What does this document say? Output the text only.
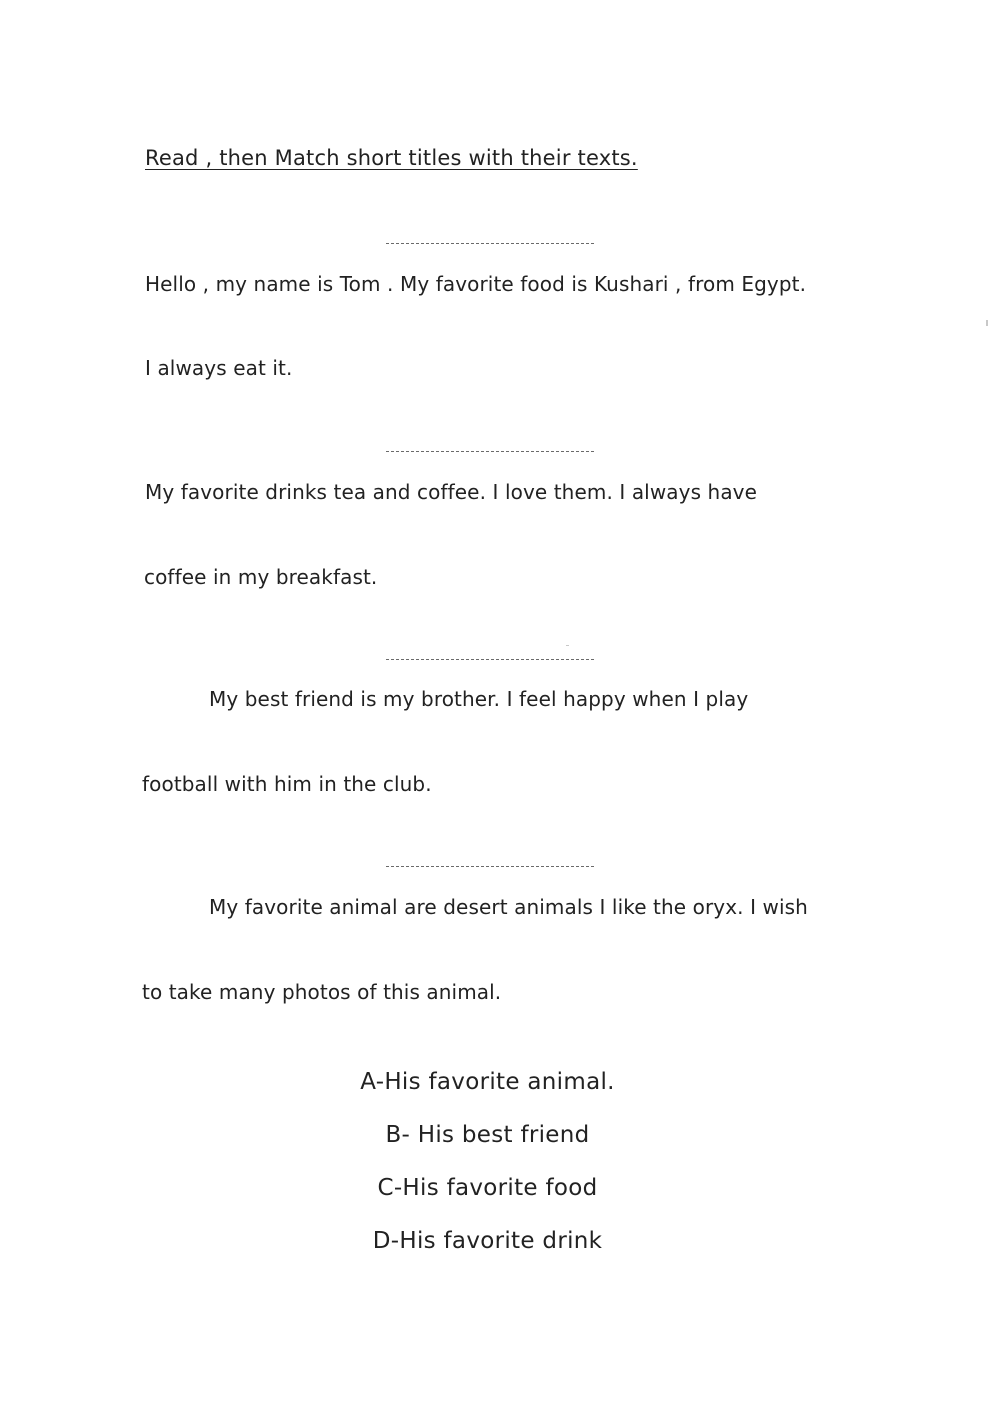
Read , then Match short titles with their texts.
Hello , my name is Tom . My favorite food is Kushari , from Egypt.
I always eat it.
My favorite drinks tea and coffee. I love them. I always have
coffee in my breakfast.
My best friend is my brother. I feel happy when I play
football with him in the club.
My favorite animal are desert animals I like the oryx. I wish
to take many photos of this animal.
A-His favorite animal.
B- His best friend
C-His favorite food
D-His favorite drink
